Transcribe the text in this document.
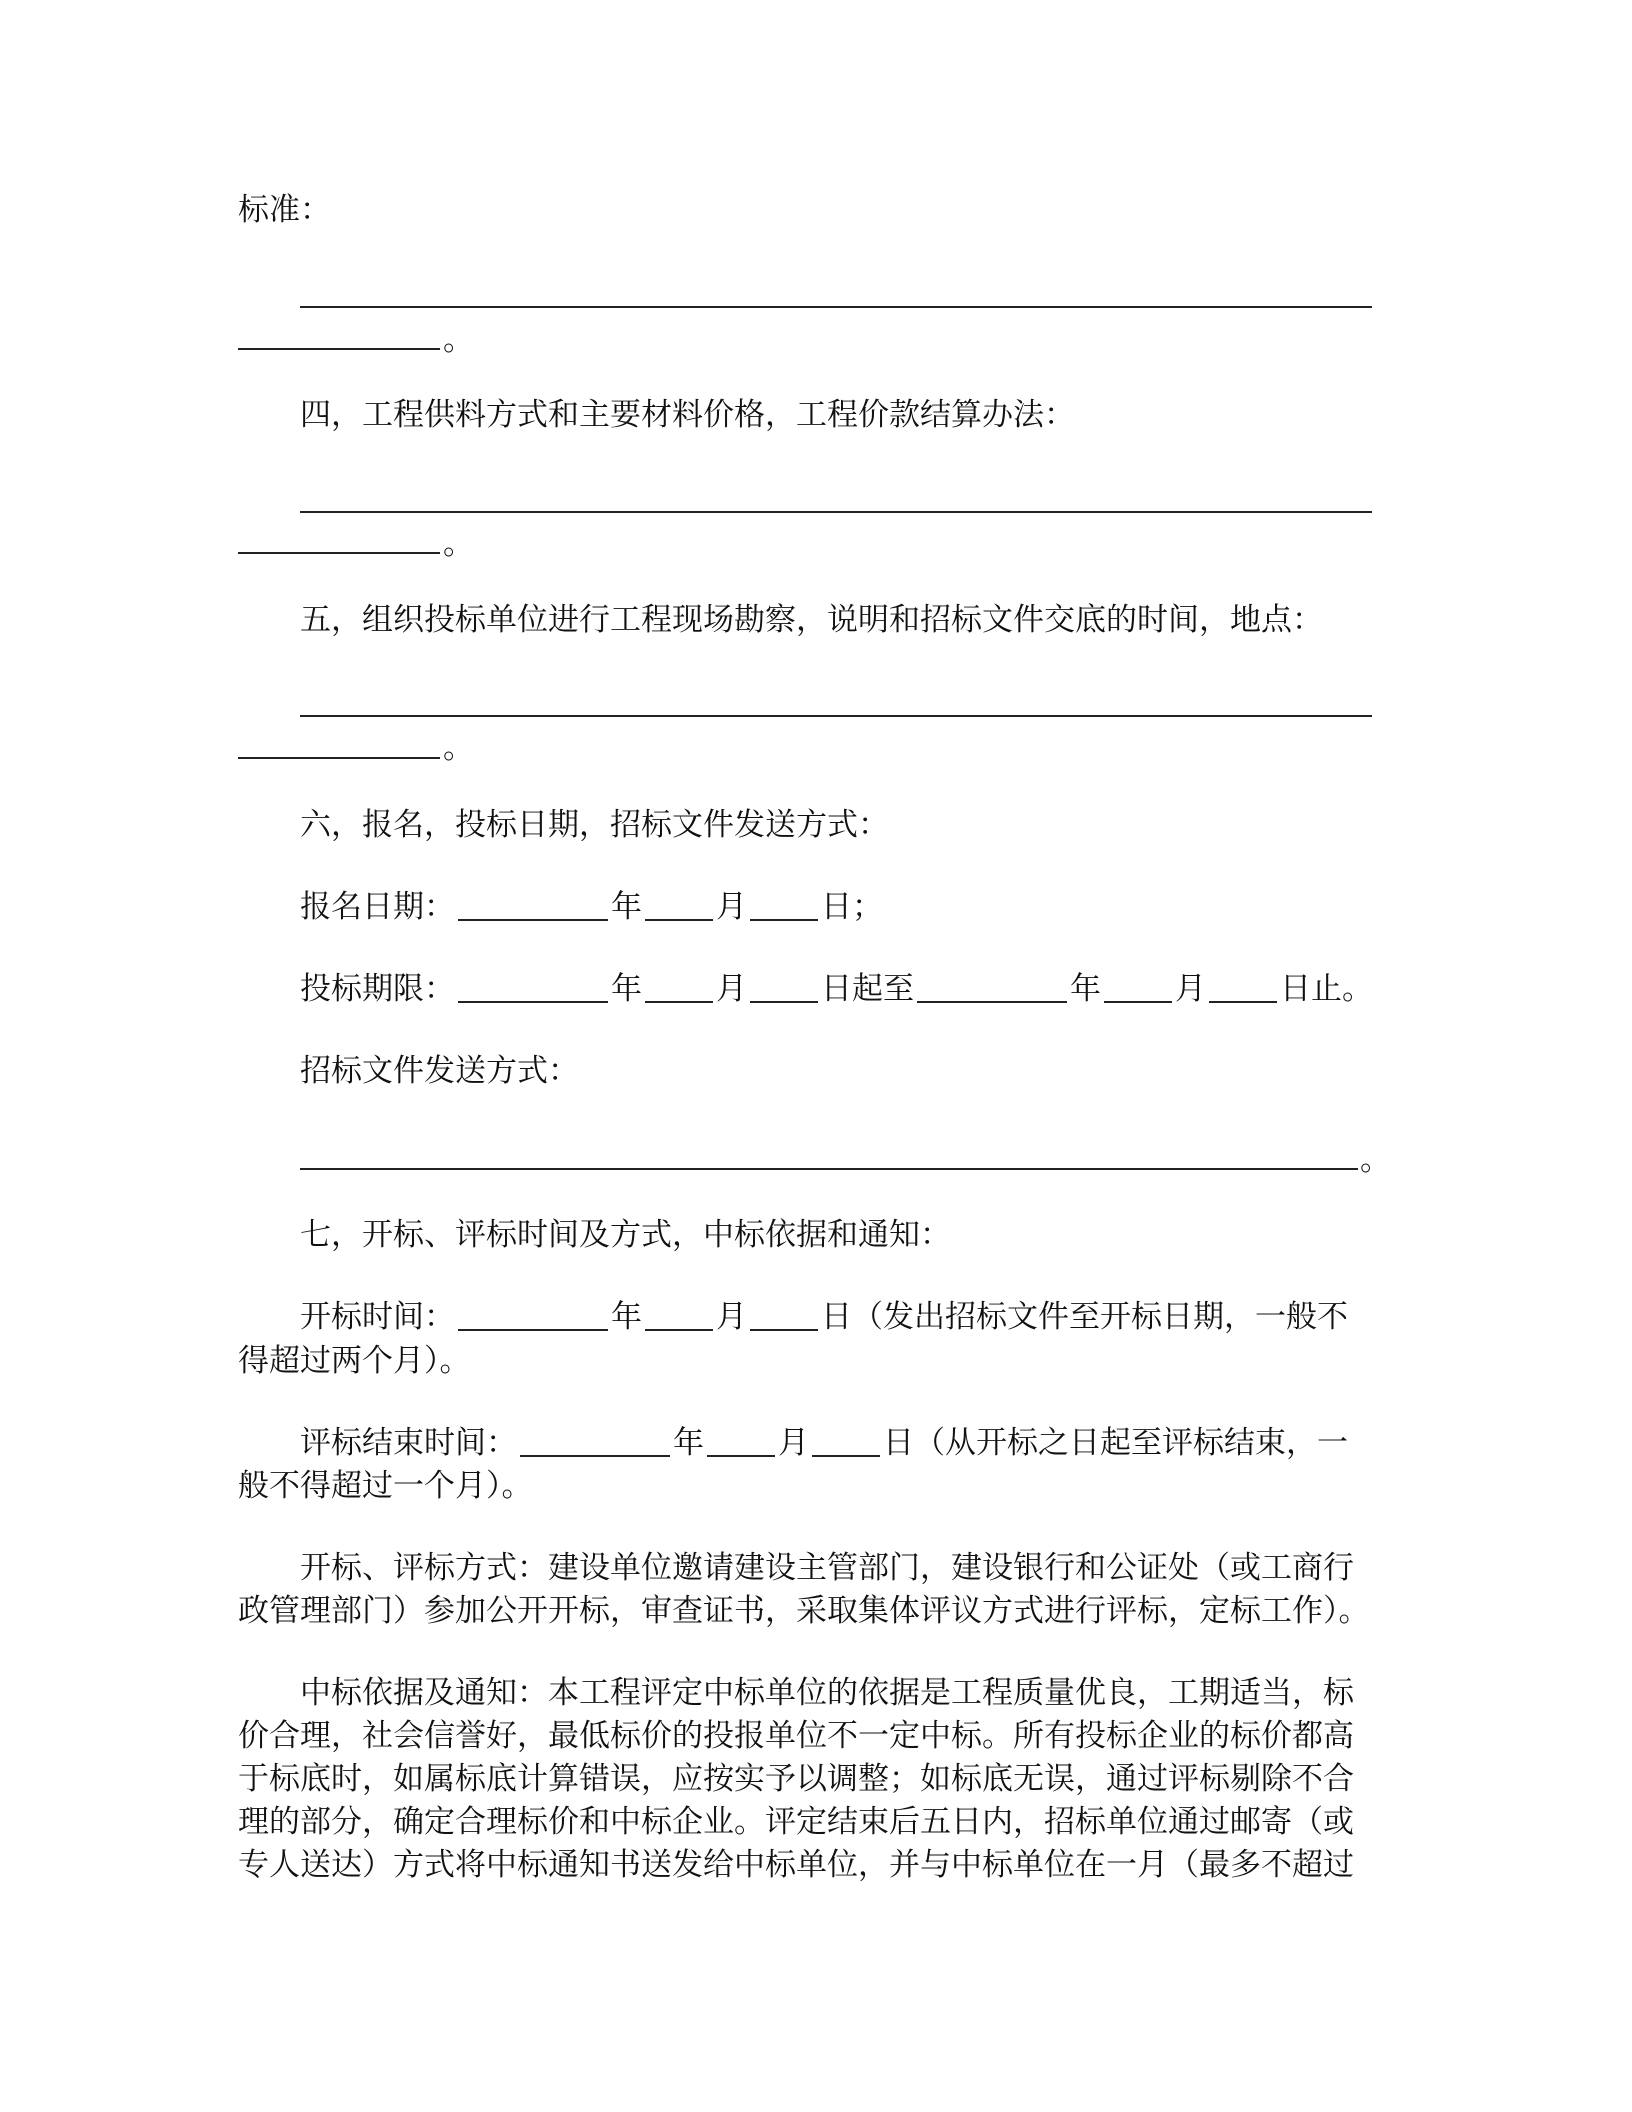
标准：
。
四，工程供料方式和主要材料价格，工程价款结算办法：
。
五，组织投标单位进行工程现场勘察，说明和招标文件交底的时间，地点：
。
六，报名，投标日期，招标文件发送方式：
报名日期：	年 月 日；
投标期限：	年 月 日起至	年 月 日止。
招标文件发送方式：
。
七，开标、评标时间及方式，中标依据和通知：
开标时间：	年 月 日（发出招标文件至开标日期，一般不
得超过两个月）。
评标结束时间：	年 月 日（从开标之日起至评标结束，一
般不得超过一个月）。
开标、评标方式：建设单位邀请建设主管部门，建设银行和公证处（或工商行
政管理部门）参加公开开标，审查证书，采取集体评议方式进行评标，定标工作）。
中标依据及通知：本工程评定中标单位的依据是工程质量优良，工期适当，标
价合理，社会信誉好，最低标价的投报单位不一定中标。所有投标企业的标价都高
于标底时，如属标底计算错误，应按实予以调整；如标底无误，通过评标剔除不合
理的部分，确定合理标价和中标企业。评定结束后五日内，招标单位通过邮寄（或
专人送达）方式将中标通知书送发给中标单位，并与中标单位在一月（最多不超过
